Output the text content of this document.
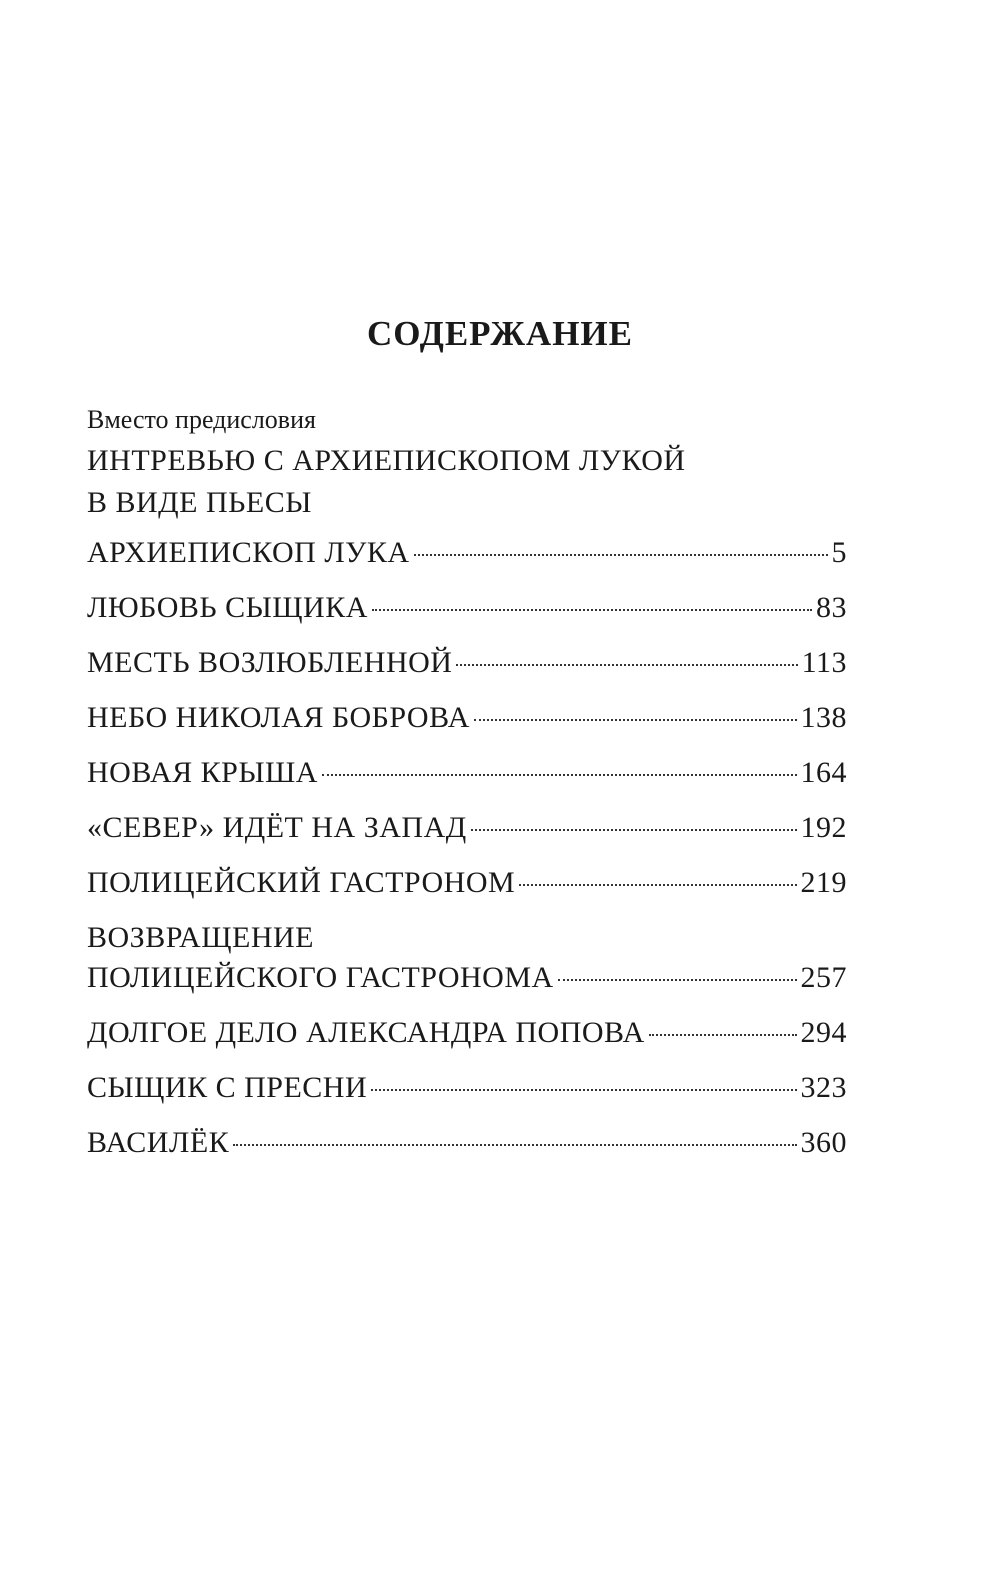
СОДЕРЖАНИЕ
Вместо предисловия
ИНТРЕВЬЮ С АРХИЕПИСКОПОМ ЛУКОЙ
В ВИДЕ ПЬЕСЫ
АРХИЕПИСКОП ЛУКА	5
ЛЮБОВЬ СЫЩИКА	83
МЕСТЬ ВОЗЛЮБЛЕННОЙ	113
НЕБО НИКОЛАЯ БОБРОВА	138
НОВАЯ КРЫША	164
«СЕВЕР» ИДЁТ НА ЗАПАД	192
ПОЛИЦЕЙСКИЙ ГАСТРОНОМ	219
ВОЗВРАЩЕНИЕ
ПОЛИЦЕЙСКОГО ГАСТРОНОМА	257
ДОЛГОЕ ДЕЛО АЛЕКСАНДРА ПОПОВА	294
СЫЩИК С ПРЕСНИ	323
ВАСИЛЁК	360
